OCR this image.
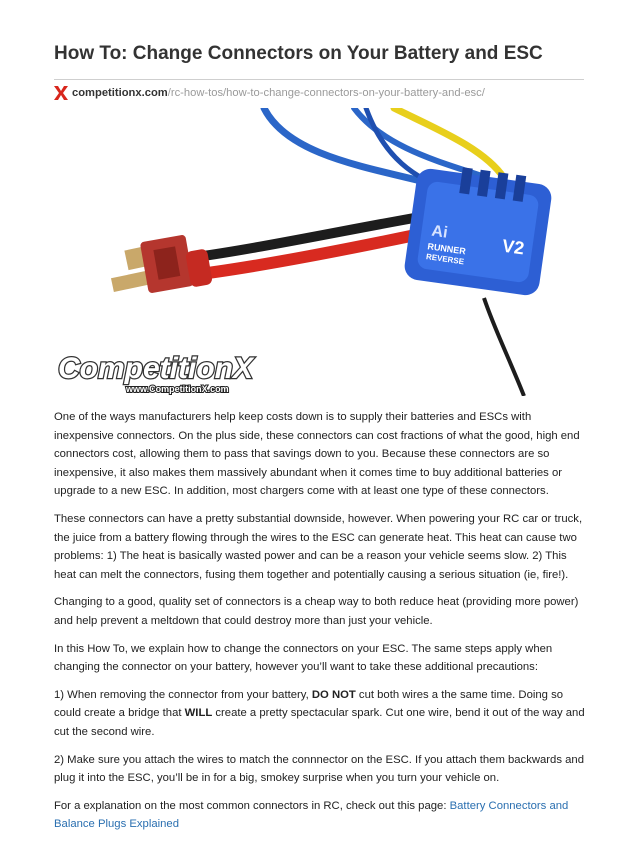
How To: Change Connectors on Your Battery and ESC
competitionx.com /rc-how-tos/how-to-change-connectors-on-your-battery-and-esc/
Ai
RUNNER
REVERSE
V2
CompetitionX
www.CompetitionX.com

One of the ways manufacturers help keep costs down is to supply their batteries and ESCs with inexpensive connectors. On the plus side, these connectors can cost fractions of what the good, high end connectors cost, allowing them to pass that savings down to you. Because these connectors are so inexpensive, it also makes them massively abundant when it comes time to buy additional batteries or upgrade to a new ESC. In addition, most chargers come with at least one type of these connectors.

These connectors can have a pretty substantial downside, however. When powering your RC car or truck, the juice from a battery flowing through the wires to the ESC can generate heat. This heat can cause two problems: 1) The heat is basically wasted power and can be a reason your vehicle seems slow. 2) This heat can melt the connectors, fusing them together and potentially causing a serious situation (ie, fire!).

Changing to a good, quality set of connectors is a cheap way to both reduce heat (providing more power) and help prevent a meltdown that could destroy more than just your vehicle.

In this How To, we explain how to change the connectors on your ESC. The same steps apply when changing the connector on your battery, however you’ll want to take these additional precautions:

1) When removing the connector from your battery, DO NOT cut both wires a the same time. Doing so could create a bridge that WILL create a pretty spectacular spark. Cut one wire, bend it out of the way and cut the second wire.

2) Make sure you attach the wires to match the connnector on the ESC. If you attach them backwards and plug it into the ESC, you’ll be in for a big, smokey surprise when you turn your vehicle on.

For a explanation on the most common connectors in RC, check out this page: Battery Connectors and Balance Plugs Explained
